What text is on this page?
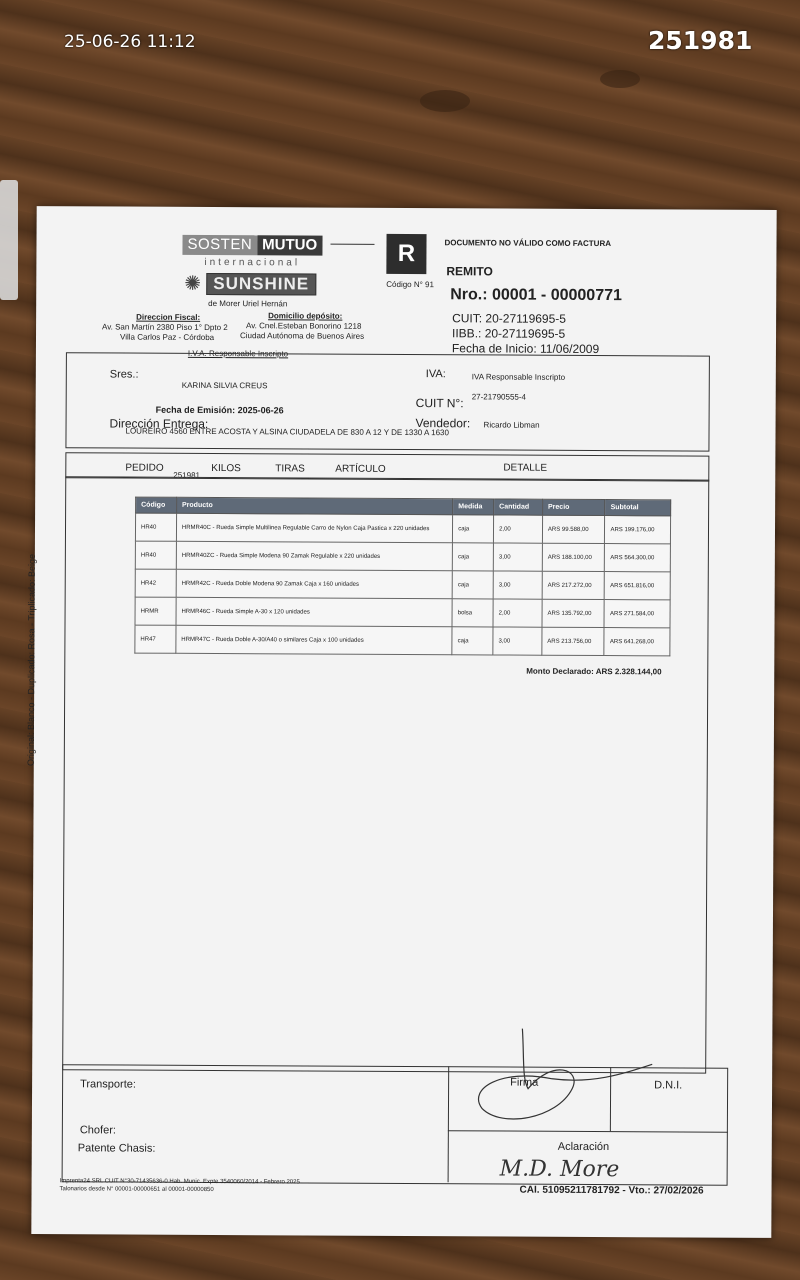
25-06-26 11:12	251981
SOSTEN MUTUO
internacional
✺ SUNSHINE
de Morer Uriel Hernán
R
Código N° 91
DOCUMENTO NO VÁLIDO COMO FACTURA
REMITO
Nro.: 00001 - 00000771
CUIT: 20-27119695-5
IIBB.: 20-27119695-5
Fecha de Inicio: 11/06/2009
Direccion Fiscal:
Av. San Martín 2380 Piso 1° Dpto 2
Villa Carlos Paz - Córdoba
Domicilio depósito:
Av. Cnel.Esteban Bonorino 1218
Ciudad Autónoma de Buenos Aires
I.V.A. Responsable Inscripto
Sres.:
KARINA SILVIA CREUS
IVA:	IVA Responsable Inscripto
Fecha de Emisión: 2025-06-26	CUIT N°: 27-21790555-4
Dirección Entrega:
LOUREIRO 4560 ENTRE ACOSTA Y ALSINA CIUDADELA DE 830 A 12 Y DE 1330 A 1630
Vendedor: Ricardo Libman
PEDIDO
251981
KILOS	TIRAS	ARTÍCULO	DETALLE
Código	Producto	Medida	Cantidad	Precio	Subtotal
HR40	HRMR40C - Rueda Simple Multilinea Regulable Carro de Nylon Caja Pastica x 220 unidades	caja	2,00	ARS 99.588,00	ARS 199.176,00
HR40	HRMR40ZC - Rueda Simple Modena 90 Zamak Regulable x 220 unidades	caja	3,00	ARS 188.100,00	ARS 564.300,00
HR42	HRMR42C - Rueda Doble Modena 90 Zamak Caja x 160 unidades	caja	3,00	ARS 217.272,00	ARS 651.816,00
HRMR	HRMR46C - Rueda Simple A-30 x 120 unidades	bolsa	2,00	ARS 135.792,00	ARS 271.584,00
HR47	HRMR47C - Rueda Doble A-30/A40 o similares Caja x 100 unidades	caja	3,00	ARS 213.756,00	ARS 641.268,00
Monto Declarado: ARS 2.328.144,00
Original: Blanco - Duplicado: Rosa - Triplicado: Beige
Transporte:
Chofer:
Patente Chasis:
Firma	D.N.I.
Aclaración
M.D. More
Imprenta24 SRL CUIT N°30-71435636-0 Hab. Munic. Expte 3540060/2014 - Febrero 2025
Talonarios desde N° 00001-00000651 al 00001-00000850	CAI. 51095211781792 - Vto.: 27/02/2026
